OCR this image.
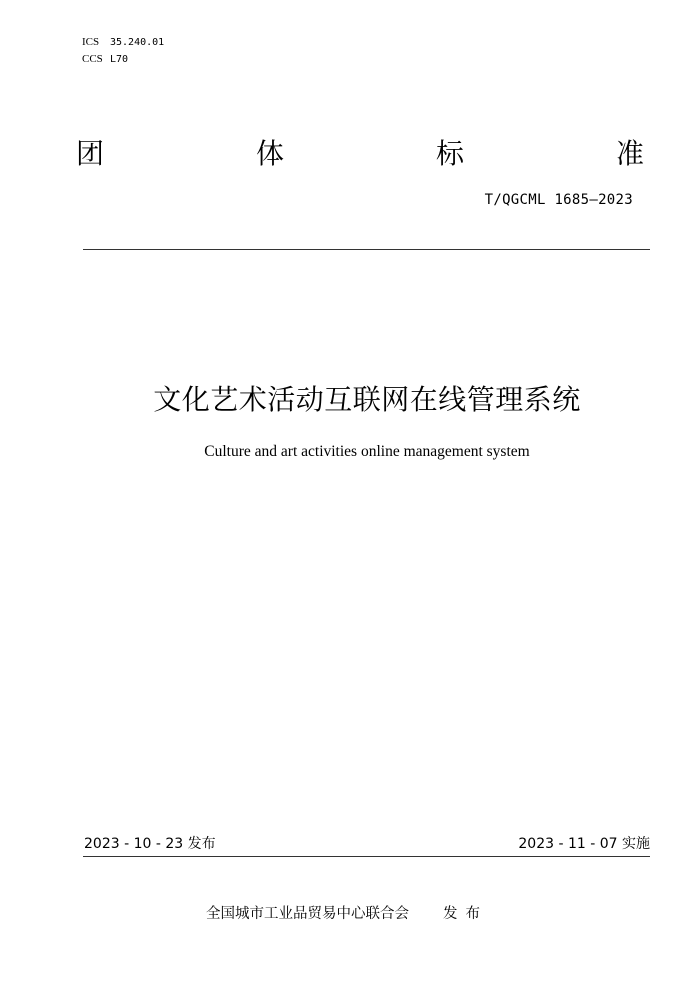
ICS 35.240.01
CCS L70
团	体	标	准
T/QGCML 1685—2023
文化艺术活动互联网在线管理系统
Culture and art activities online management system
2023 - 10 - 23 发布	2023 - 11 - 07 实施
全国城市工业品贸易中心联合会 发布
